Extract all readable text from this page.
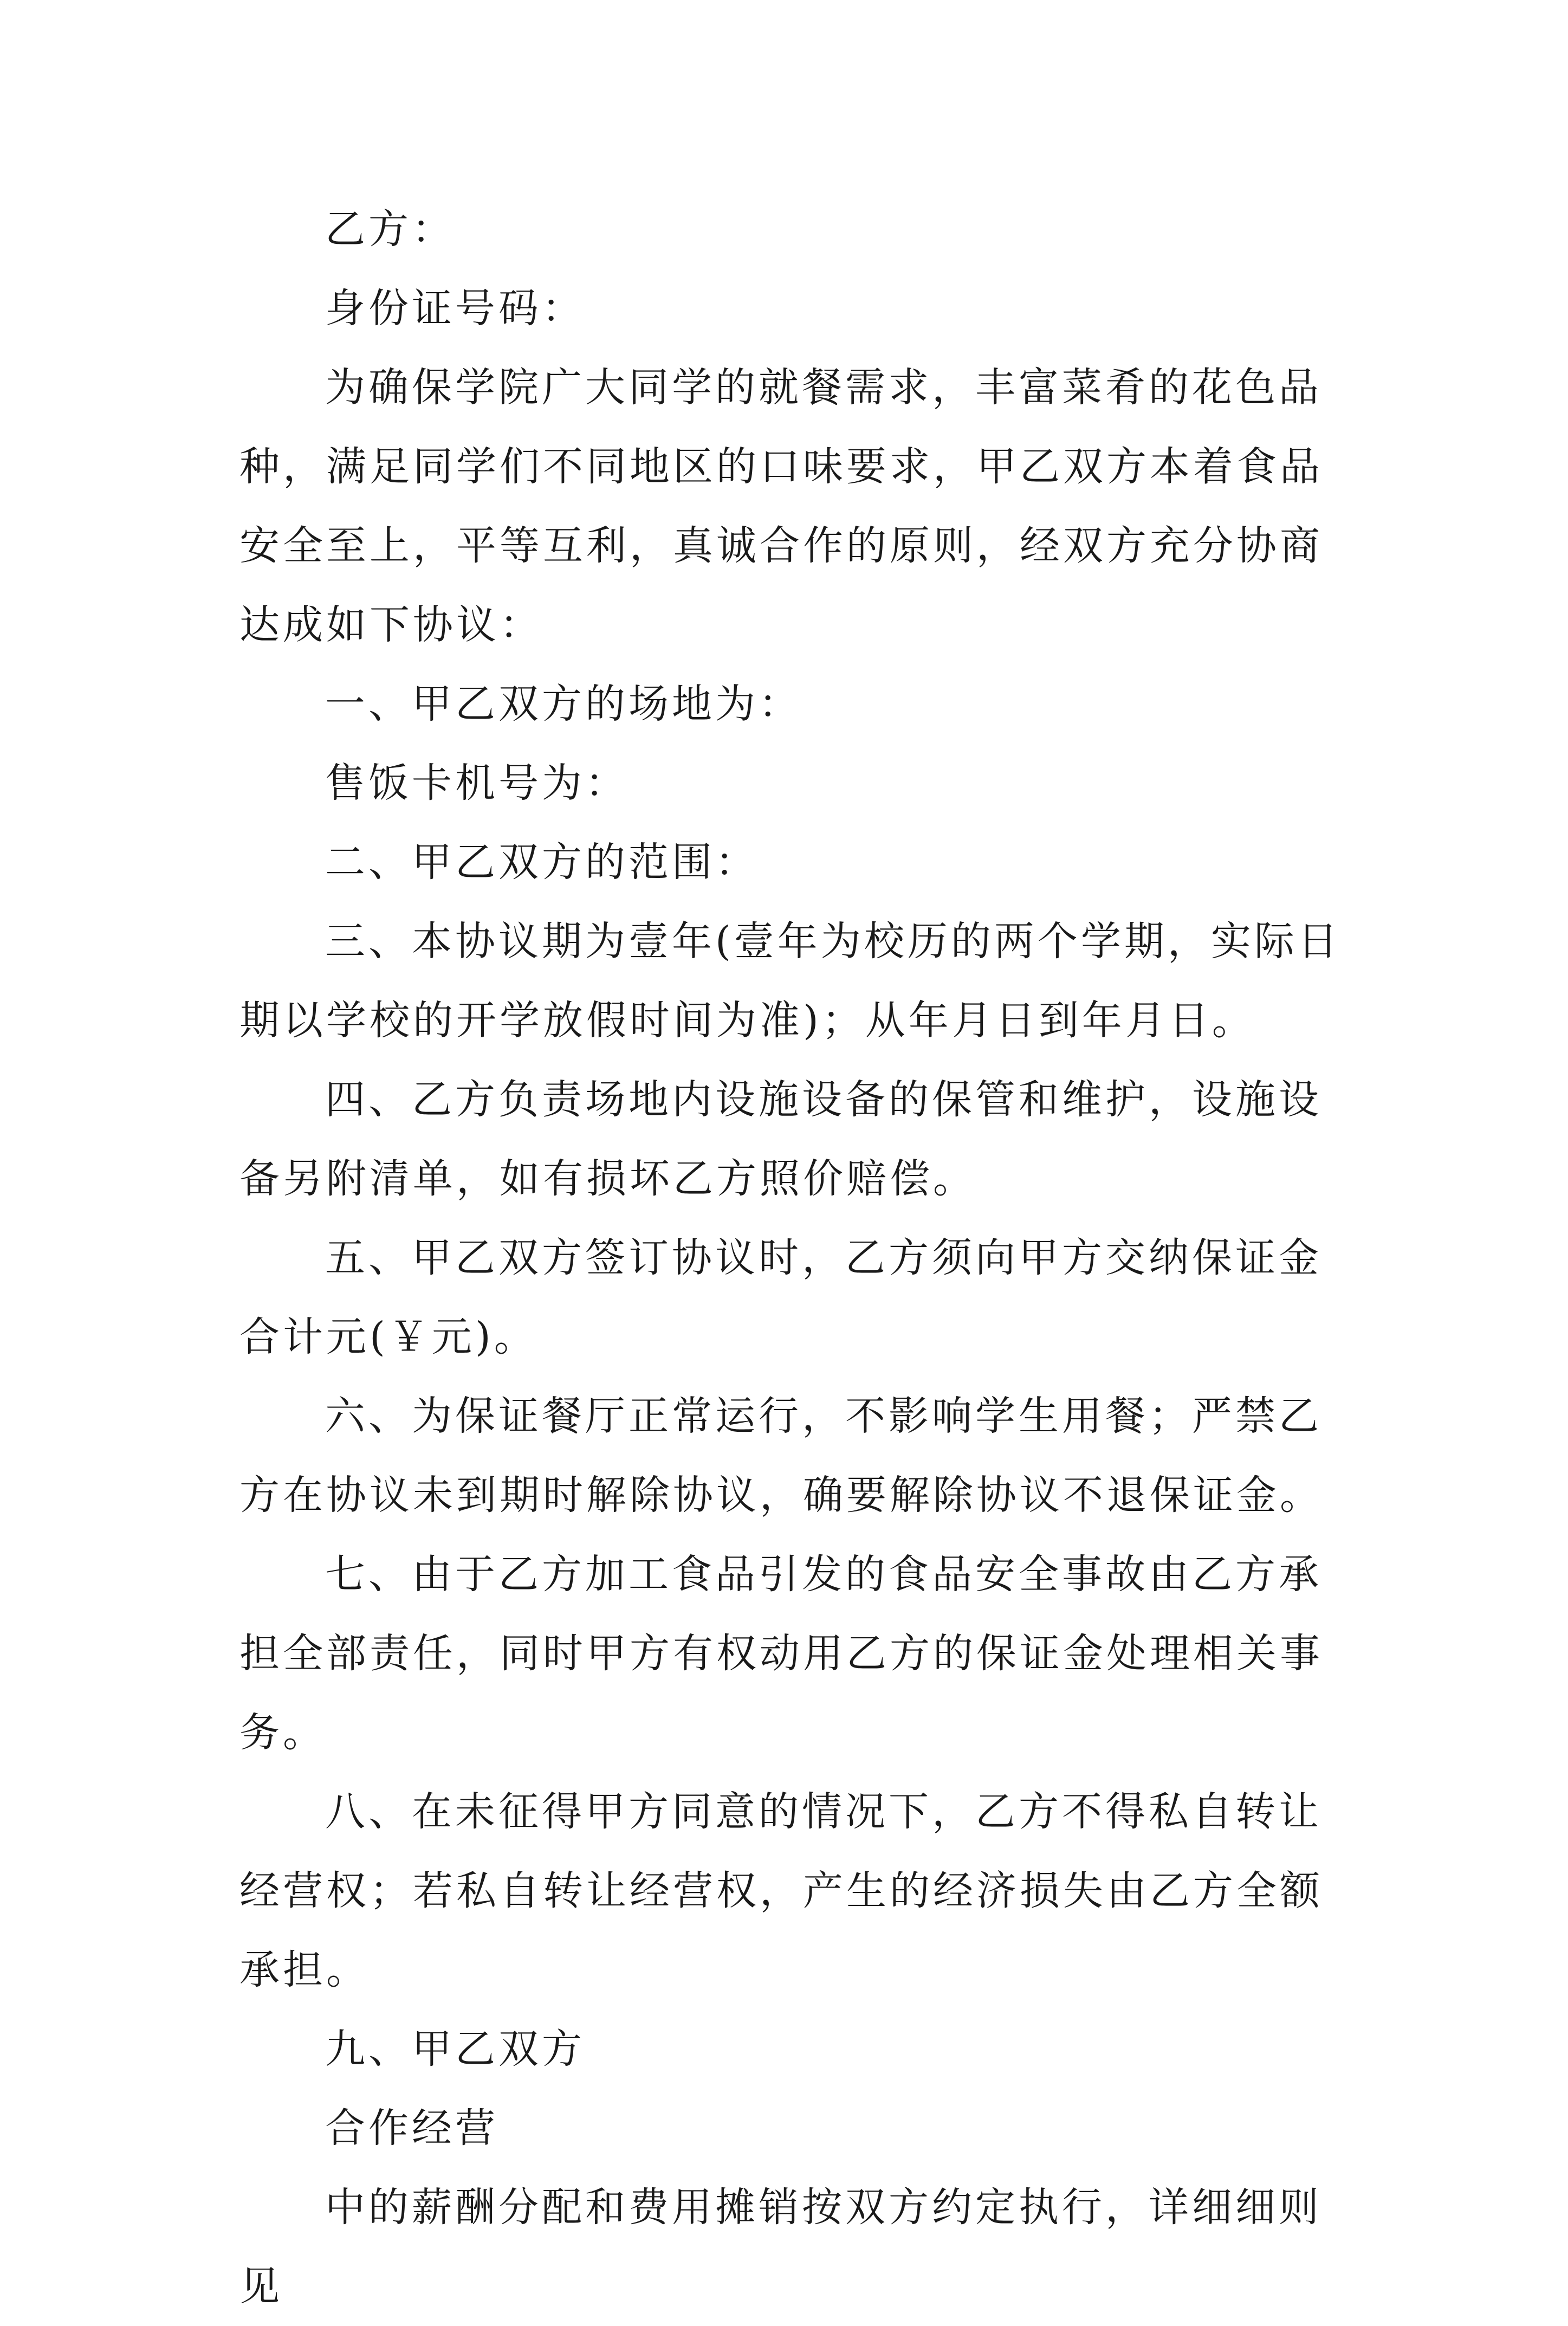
乙方：

身份证号码：

为确保学院广大同学的就餐需求，丰富菜肴的花色品种，满足同学们不同地区的口味要求，甲乙双方本着食品安全至上，平等互利，真诚合作的原则，经双方充分协商达成如下协议：

一、甲乙双方的场地为：

售饭卡机号为：

二、甲乙双方的范围：

三、本协议期为壹年(壹年为校历的两个学期，实际日期以学校的开学放假时间为准)；从年月日到年月日。

四、乙方负责场地内设施设备的保管和维护，设施设备另附清单，如有损坏乙方照价赔偿。

五、甲乙双方签订协议时，乙方须向甲方交纳保证金合计元(￥元)。

六、为保证餐厅正常运行，不影响学生用餐；严禁乙方在协议未到期时解除协议，确要解除协议不退保证金。

七、由于乙方加工食品引发的食品安全事故由乙方承担全部责任，同时甲方有权动用乙方的保证金处理相关事务。

八、在未征得甲方同意的情况下，乙方不得私自转让经营权；若私自转让经营权，产生的经济损失由乙方全额承担。

九、甲乙双方

合作经营

中的薪酬分配和费用摊销按双方约定执行，详细细则见
